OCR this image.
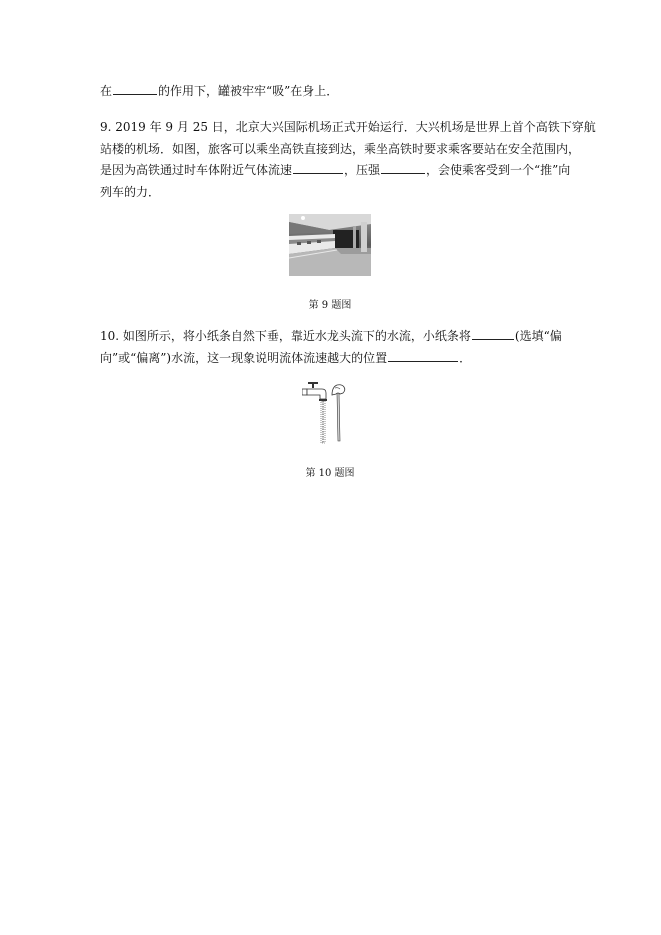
在	的作用下，罐被牢牢“吸”在身上．
9. 2019 年 9 月 25 日，北京大兴国际机场正式开始运行．大兴机场是世界上首个高铁下穿航
站楼的机场．如图，旅客可以乘坐高铁直接到达，乘坐高铁时要求乘客要站在安全范围内，
是因为高铁通过时车体附近气体流速	，压强	，会使乘客受到一个“推”向
列车的力．
第 9 题图
10. 如图所示，将小纸条自然下垂，靠近水龙头流下的水流，小纸条将	(选填“偏
向”或“偏离”)水流，这一现象说明流体流速越大的位置	．
第 10 题图
